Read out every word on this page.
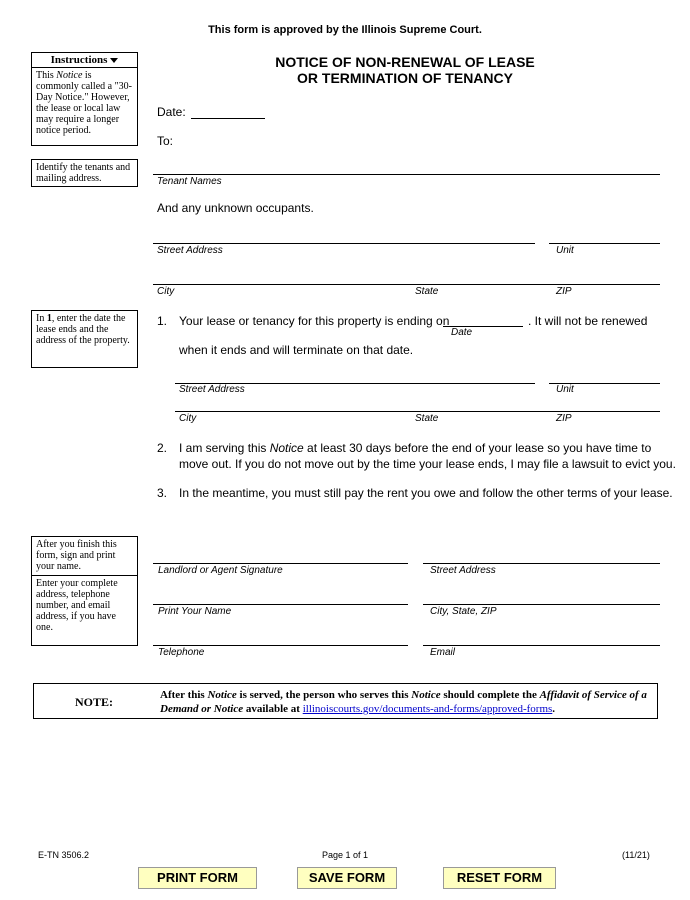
This form is approved by the Illinois Supreme Court.
NOTICE OF NON-RENEWAL OF LEASE
OR TERMINATION OF TENANCY
Instructions
This Notice is commonly called a "30-Day Notice." However, the lease or local law may require a longer notice period.
Identify the tenants and mailing address.
In 1, enter the date the lease ends and the address of the property.
After you finish this form, sign and print your name.
Enter your complete address, telephone number, and email address, if you have one.
Date:
To:
Tenant Names
And any unknown occupants.
Street Address	Unit
City	State	ZIP
1. Your lease or tenancy for this property is ending on
Date
. It will not be renewed
when it ends and will terminate on that date.
Street Address	Unit
City	State	ZIP
2. I am serving this Notice at least 30 days before the end of your lease so you have time to
move out. If you do not move out by the time your lease ends, I may file a lawsuit to evict you.
3. In the meantime, you must still pay the rent you owe and follow the other terms of your lease.
Landlord or Agent Signature	Street Address
Print Your Name	City, State, ZIP
Telephone	Email
NOTE:	After this Notice is served, the person who serves this Notice should complete the Affidavit of Service of a Demand or Notice available at illinoiscourts.gov/documents-and-forms/approved-forms.
E-TN 3506.2	Page 1 of 1	(11/21)
PRINT FORM	SAVE FORM	RESET FORM
